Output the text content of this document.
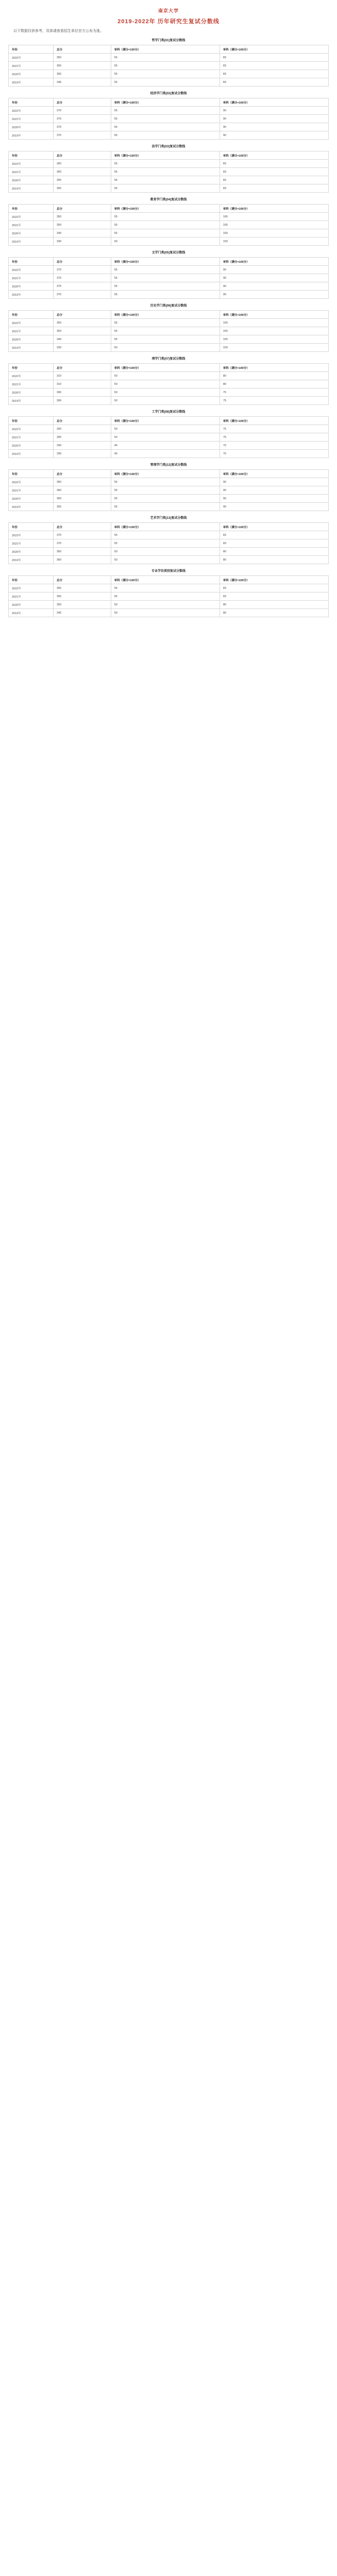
南京大学
2019-2022年 历年研究生复试分数线
以下数据仅供参考，具体请查看招生单位官方公布为准。
哲学门类(01)复试分数线
年份	总分	单科（满分=100分）	单科（满分>100分）
2022年	350	55	83
2021年	355	55	83
2020年	355	55	83
2019年	346	55	83
经济学门类(02)复试分数线
年份	总分	单科（满分=100分）	单科（满分>100分）
2022年	370	55	90
2021年	370	55	90
2020年	370	55	90
2019年	370	55	90
法学门类(03)复试分数线
年份	总分	单科（满分=100分）	单科（满分>100分）
2022年	360	55	83
2021年	360	55	83
2020年	355	55	83
2019年	355	55	83
教育学门类(04)复试分数线
年份	总分	单科（满分=100分）	单科（满分>100分）
2022年	350	55	165
2021年	350	55	165
2020年	340	55	160
2019年	330	50	150
文学门类(05)复试分数线
年份	总分	单科（满分=100分）	单科（满分>100分）
2022年	370	55	90
2021年	370	55	90
2020年	375	55	90
2019年	375	55	90
历史学门类(06)复试分数线
年份	总分	单科（满分=100分）	单科（满分>100分）
2022年	350	55	165
2021年	350	55	165
2020年	340	55	165
2019年	330	50	150
理学门类(07)复试分数线
年份	总分	单科（满分=100分）	单科（满分>100分）
2022年	310	50	80
2021年	310	50	80
2020年	300	50	75
2019年	300	50	75
工学门类(08)复试分数线
年份	总分	单科（满分=100分）	单科（满分>100分）
2022年	300	50	75
2021年	300	50	75
2020年	290	45	70
2019年	290	45	70
管理学门类(12)复试分数线
年份	总分	单科（满分=100分）	单科（满分>100分）
2022年	360	55	90
2021年	360	55	90
2020年	360	55	90
2019年	355	55	90
艺术学门类(13)复试分数线
年份	总分	单科（满分=100分）	单科（满分>100分）
2022年	370	55	83
2021年	370	55	83
2020年	365	50	80
2019年	360	50	80
专业学位类别复试分数线
年份	总分	单科（满分=100分）	单科（满分>100分）
2022年	355	55	83
2021年	355	55	83
2020年	350	50	80
2019年	345	50	80
